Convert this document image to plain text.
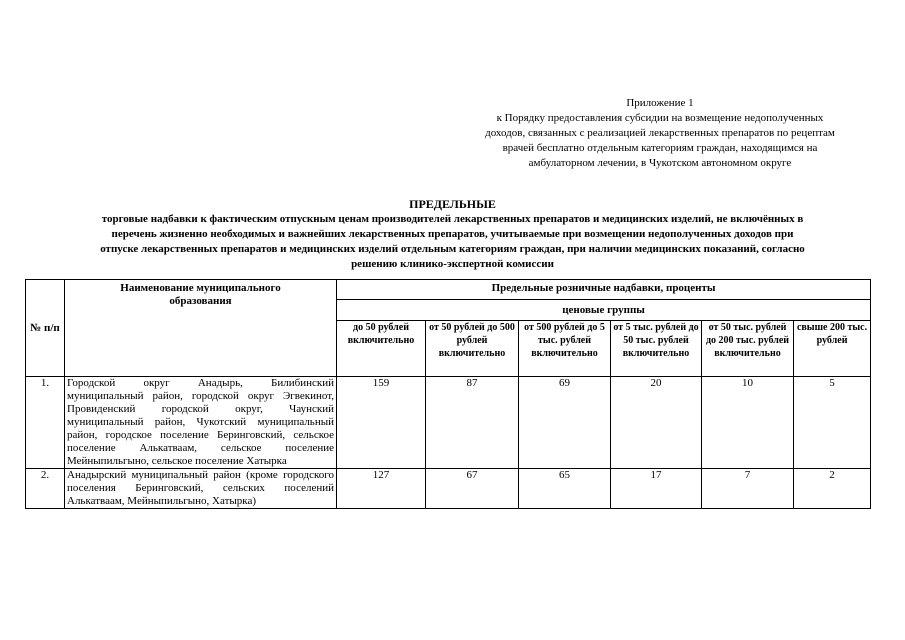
Приложение 1
к Порядку предоставления субсидии на возмещение недополученных
доходов, связанных с реализацией лекарственных препаратов по рецептам
врачей бесплатно отдельным категориям граждан, находящимся на
амбулаторном лечении, в Чукотском автономном округе
ПРЕДЕЛЬНЫЕ
торговые надбавки к фактическим отпускным ценам производителей лекарственных препаратов и медицинских изделий, не включённых в
перечень жизненно необходимых и важнейших лекарственных препаратов, учитываемые при возмещении недополученных доходов при
отпуске лекарственных препаратов и медицинских изделий отдельным категориям граждан, при наличии медицинских показаний, согласно
решению клинико-экспертной комиссии
№ п/п	Наименование муниципального образования	Предельные розничные надбавки, проценты					
		ценовые группы					
		до 50 рублей включительно	от 50 рублей до 500 рублей включительно	от 500 рублей до 5 тыс. рублей включительно	от 5 тыс. рублей до 50 тыс. рублей включительно	от 50 тыс. рублей до 200 тыс. рублей включительно	свыше 200 тыс. рублей
1.	Городской округ Анадырь, Билибинский муниципальный район, городской округ Эгвекинот, Провиденский городской округ, Чаунский муниципальный район, Чукотский муниципальный район, городское поселение Беринговский, сельское поселение Алькатваам, сельское поселение Мейныпильгыно, сельское поселение Хатырка	159	87	69	20	10	5
2.	Анадырский муниципальный район (кроме городского поселения Беринговский, сельских поселений Алькатваам, Мейныпильгыно, Хатырка)	127	67	65	17	7	2
